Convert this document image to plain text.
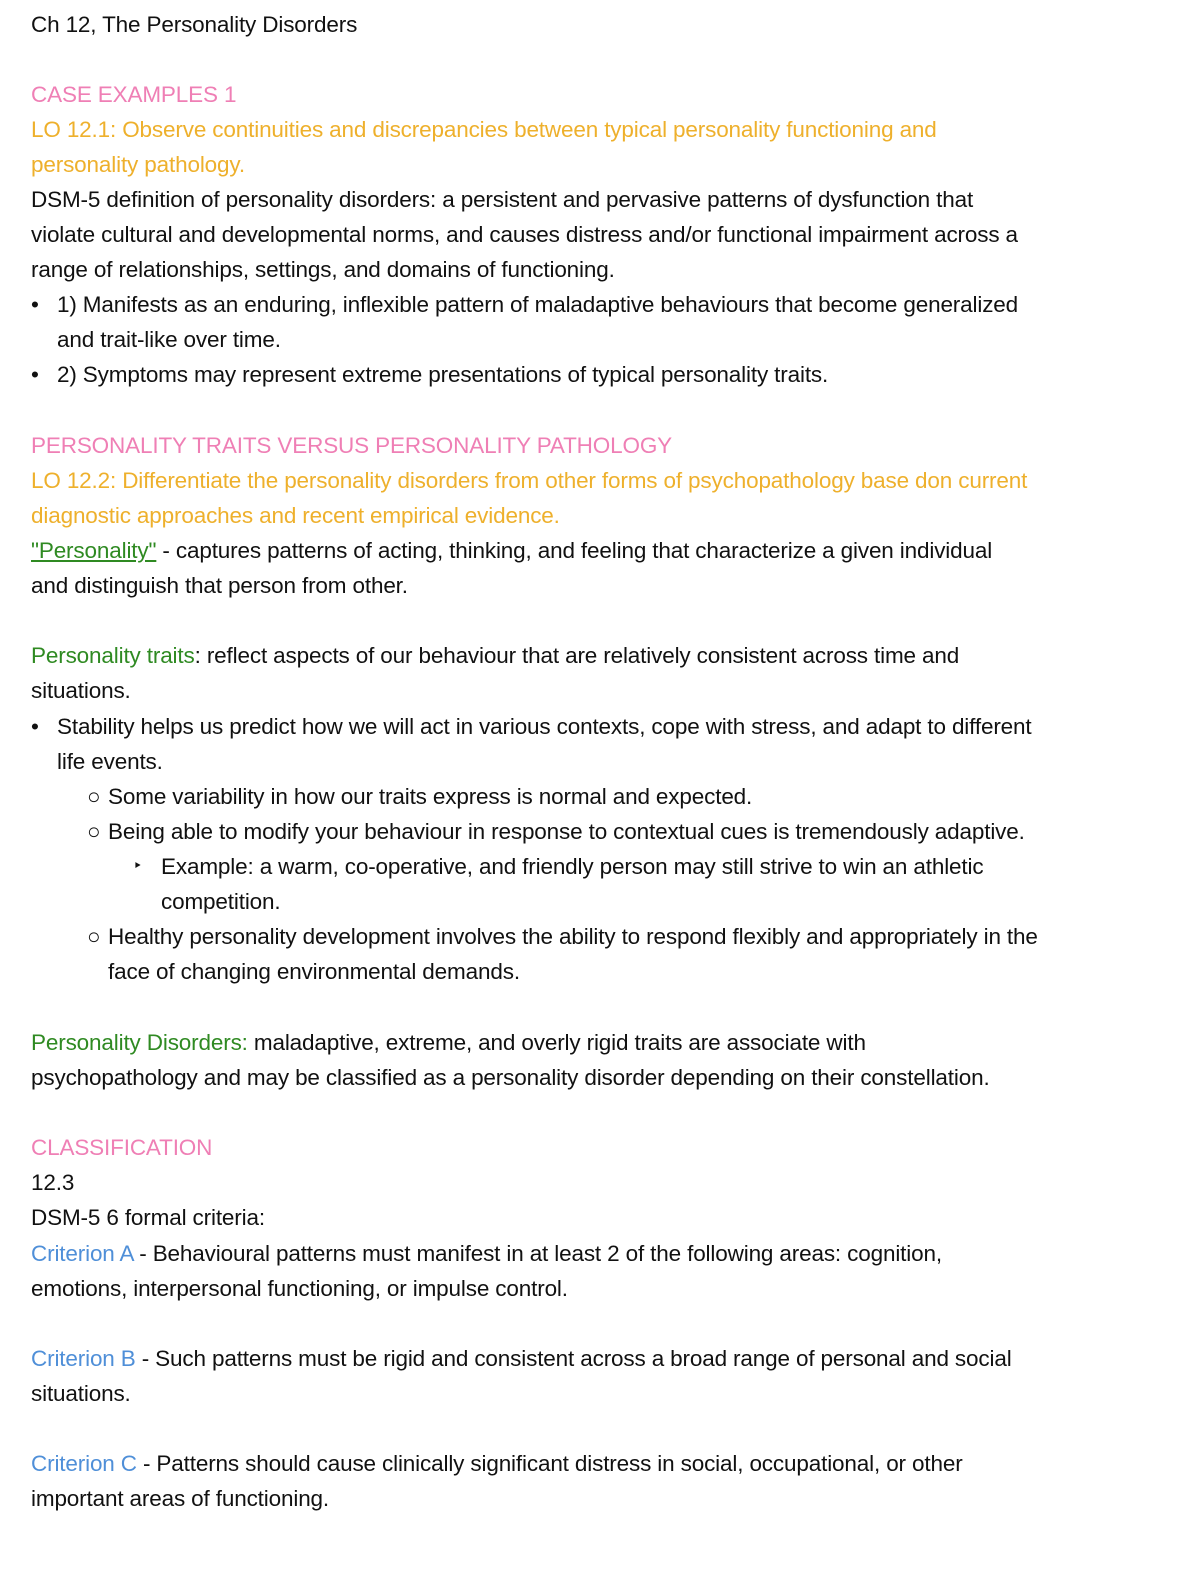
Ch 12, The Personality Disorders
CASE EXAMPLES 1
LO 12.1: Observe continuities and discrepancies between typical personality functioning and
personality pathology.
DSM-5 definition of personality disorders: a persistent and pervasive patterns of dysfunction that
violate cultural and developmental norms, and causes distress and/or functional impairment across a
range of relationships, settings, and domains of functioning.
• 1) Manifests as an enduring, inflexible pattern of maladaptive behaviours that become generalized
and trait-like over time.
• 2) Symptoms may represent extreme presentations of typical personality traits.
PERSONALITY TRAITS VERSUS PERSONALITY PATHOLOGY
LO 12.2: Differentiate the personality disorders from other forms of psychopathology base don current
diagnostic approaches and recent empirical evidence.
"Personality" - captures patterns of acting, thinking, and feeling that characterize a given individual
and distinguish that person from other.
Personality traits: reflect aspects of our behaviour that are relatively consistent across time and
situations.
• Stability helps us predict how we will act in various contexts, cope with stress, and adapt to different
life events.
○ Some variability in how our traits express is normal and expected.
○ Being able to modify your behaviour in response to contextual cues is tremendously adaptive.
‣ Example: a warm, co-operative, and friendly person may still strive to win an athletic
competition.
○ Healthy personality development involves the ability to respond flexibly and appropriately in the
face of changing environmental demands.
Personality Disorders: maladaptive, extreme, and overly rigid traits are associate with
psychopathology and may be classified as a personality disorder depending on their constellation.
CLASSIFICATION
12.3
DSM-5 6 formal criteria:
Criterion A - Behavioural patterns must manifest in at least 2 of the following areas: cognition,
emotions, interpersonal functioning, or impulse control.
Criterion B - Such patterns must be rigid and consistent across a broad range of personal and social
situations.
Criterion C - Patterns should cause clinically significant distress in social, occupational, or other
important areas of functioning.
